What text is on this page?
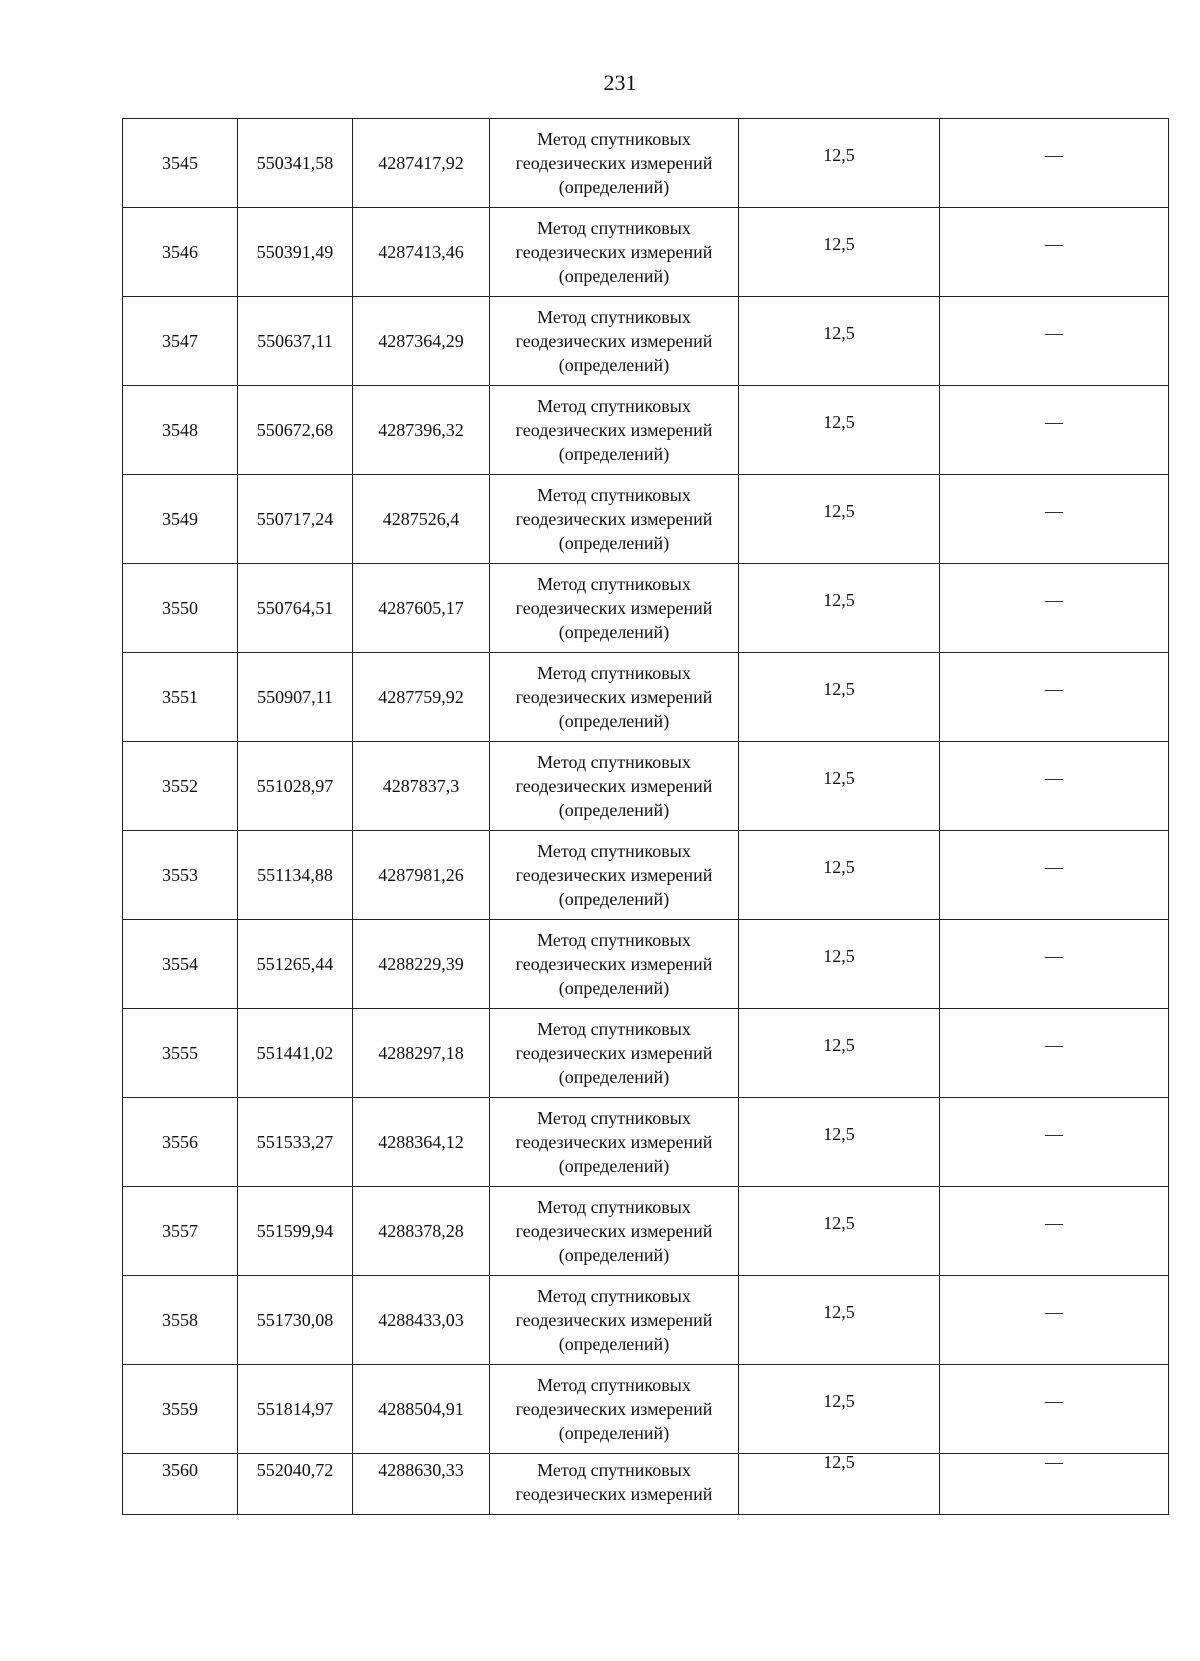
231
3545	550341,58	4287417,92	Метод спутниковых
геодезических измерений
(определений)	12,5	—
3546	550391,49	4287413,46	Метод спутниковых
геодезических измерений
(определений)	12,5	—
3547	550637,11	4287364,29	Метод спутниковых
геодезических измерений
(определений)	12,5	—
3548	550672,68	4287396,32	Метод спутниковых
геодезических измерений
(определений)	12,5	—
3549	550717,24	4287526,4	Метод спутниковых
геодезических измерений
(определений)	12,5	—
3550	550764,51	4287605,17	Метод спутниковых
геодезических измерений
(определений)	12,5	—
3551	550907,11	4287759,92	Метод спутниковых
геодезических измерений
(определений)	12,5	—
3552	551028,97	4287837,3	Метод спутниковых
геодезических измерений
(определений)	12,5	—
3553	551134,88	4287981,26	Метод спутниковых
геодезических измерений
(определений)	12,5	—
3554	551265,44	4288229,39	Метод спутниковых
геодезических измерений
(определений)	12,5	—
3555	551441,02	4288297,18	Метод спутниковых
геодезических измерений
(определений)	12,5	—
3556	551533,27	4288364,12	Метод спутниковых
геодезических измерений
(определений)	12,5	—
3557	551599,94	4288378,28	Метод спутниковых
геодезических измерений
(определений)	12,5	—
3558	551730,08	4288433,03	Метод спутниковых
геодезических измерений
(определений)	12,5	—
3559	551814,97	4288504,91	Метод спутниковых
геодезических измерений
(определений)	12,5	—
3560	552040,72	4288630,33	Метод спутниковых
геодезических измерений	12,5	—
